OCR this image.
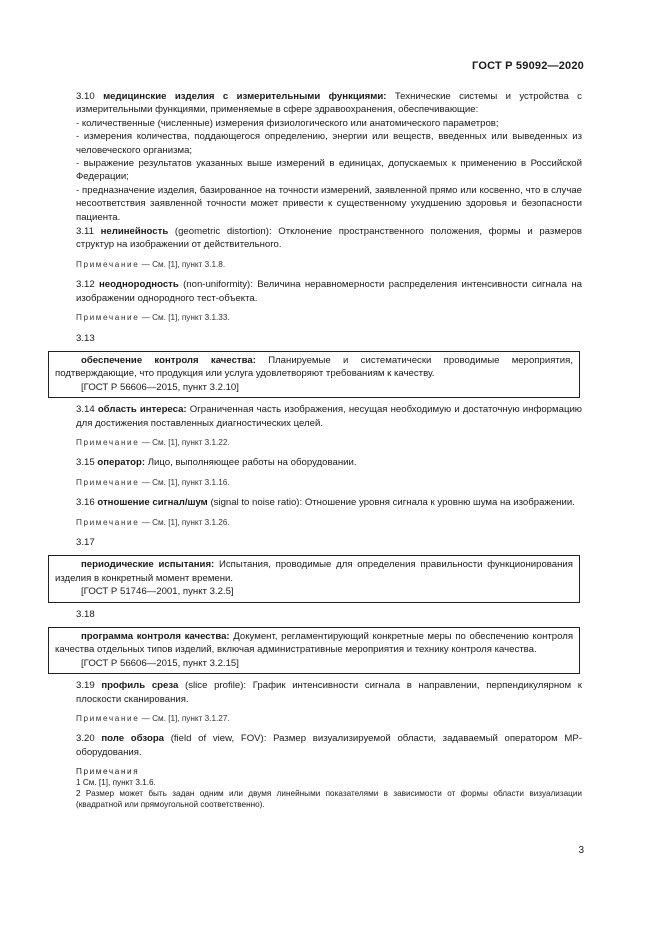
ГОСТ Р 59092—2020

3.10 медицинские изделия с измерительными функциями: Технические системы и устройства с измерительными функциями, применяемые в сфере здравоохранения, обеспечивающие:

- количественные (численные) измерения физиологического или анатомического параметров;

- измерения количества, поддающегося определению, энергии или веществ, введенных или выведенных из человеческого организма;

- выражение результатов указанных выше измерений в единицах, допускаемых к применению в Российской Федерации;

- предназначение изделия, базированное на точности измерений, заявленной прямо или косвенно, что в случае несоответствия заявленной точности может привести к существенному ухудшению здоровья и безопасности пациента.

3.11 нелинейность (geometric distortion): Отклонение пространственного положения, формы и размеров структур на изображении от действительного.

Примечание — См. [1], пункт 3.1.8.

3.12 неоднородность (non-uniformity): Величина неравномерности распределения интенсивности сигнала на изображении однородного тест-объекта.

Примечание — См. [1], пункт 3.1.33.
3.13

обеспечение контроля качества: Планируемые и систематически проводимые мероприятия, подтверждающие, что продукция или услуга удовлетворяют требованиям к качеству.

[ГОСТ Р 56606—2015, пункт 3.2.10]

3.14 область интереса: Ограниченная часть изображения, несущая необходимую и достаточную информацию для достижения поставленных диагностических целей.

Примечание — См. [1], пункт 3.1.22.

3.15 оператор: Лицо, выполняющее работы на оборудовании.

Примечание — См. [1], пункт 3.1.16.

3.16 отношение сигнал/шум (signal to noise ratio): Отношение уровня сигнала к уровню шума на изображении.

Примечание — См. [1], пункт 3.1.26.
3.17

периодические испытания: Испытания, проводимые для определения правильности функционирования изделия в конкретный момент времени.

[ГОСТ Р 51746—2001, пункт 3.2.5]

3.18

программа контроля качества: Документ, регламентирующий конкретные меры по обеспечению контроля качества отдельных типов изделий, включая административные мероприятия и технику контроля качества.

[ГОСТ Р 56606—2015, пункт 3.2.15]

3.19 профиль среза (slice profile): График интенсивности сигнала в направлении, перпендикулярном к плоскости сканирования.

Примечание — См. [1], пункт 3.1.27.

3.20 поле обзора (field of view, FOV): Размер визуализируемой области, задаваемый оператором МР-оборудования.

Примечания
1 См. [1], пункт 3.1.6.
2 Размер может быть задан одним или двумя линейными показателями в зависимости от формы области визуализации (квадратной или прямоугольной соответственно).
3
